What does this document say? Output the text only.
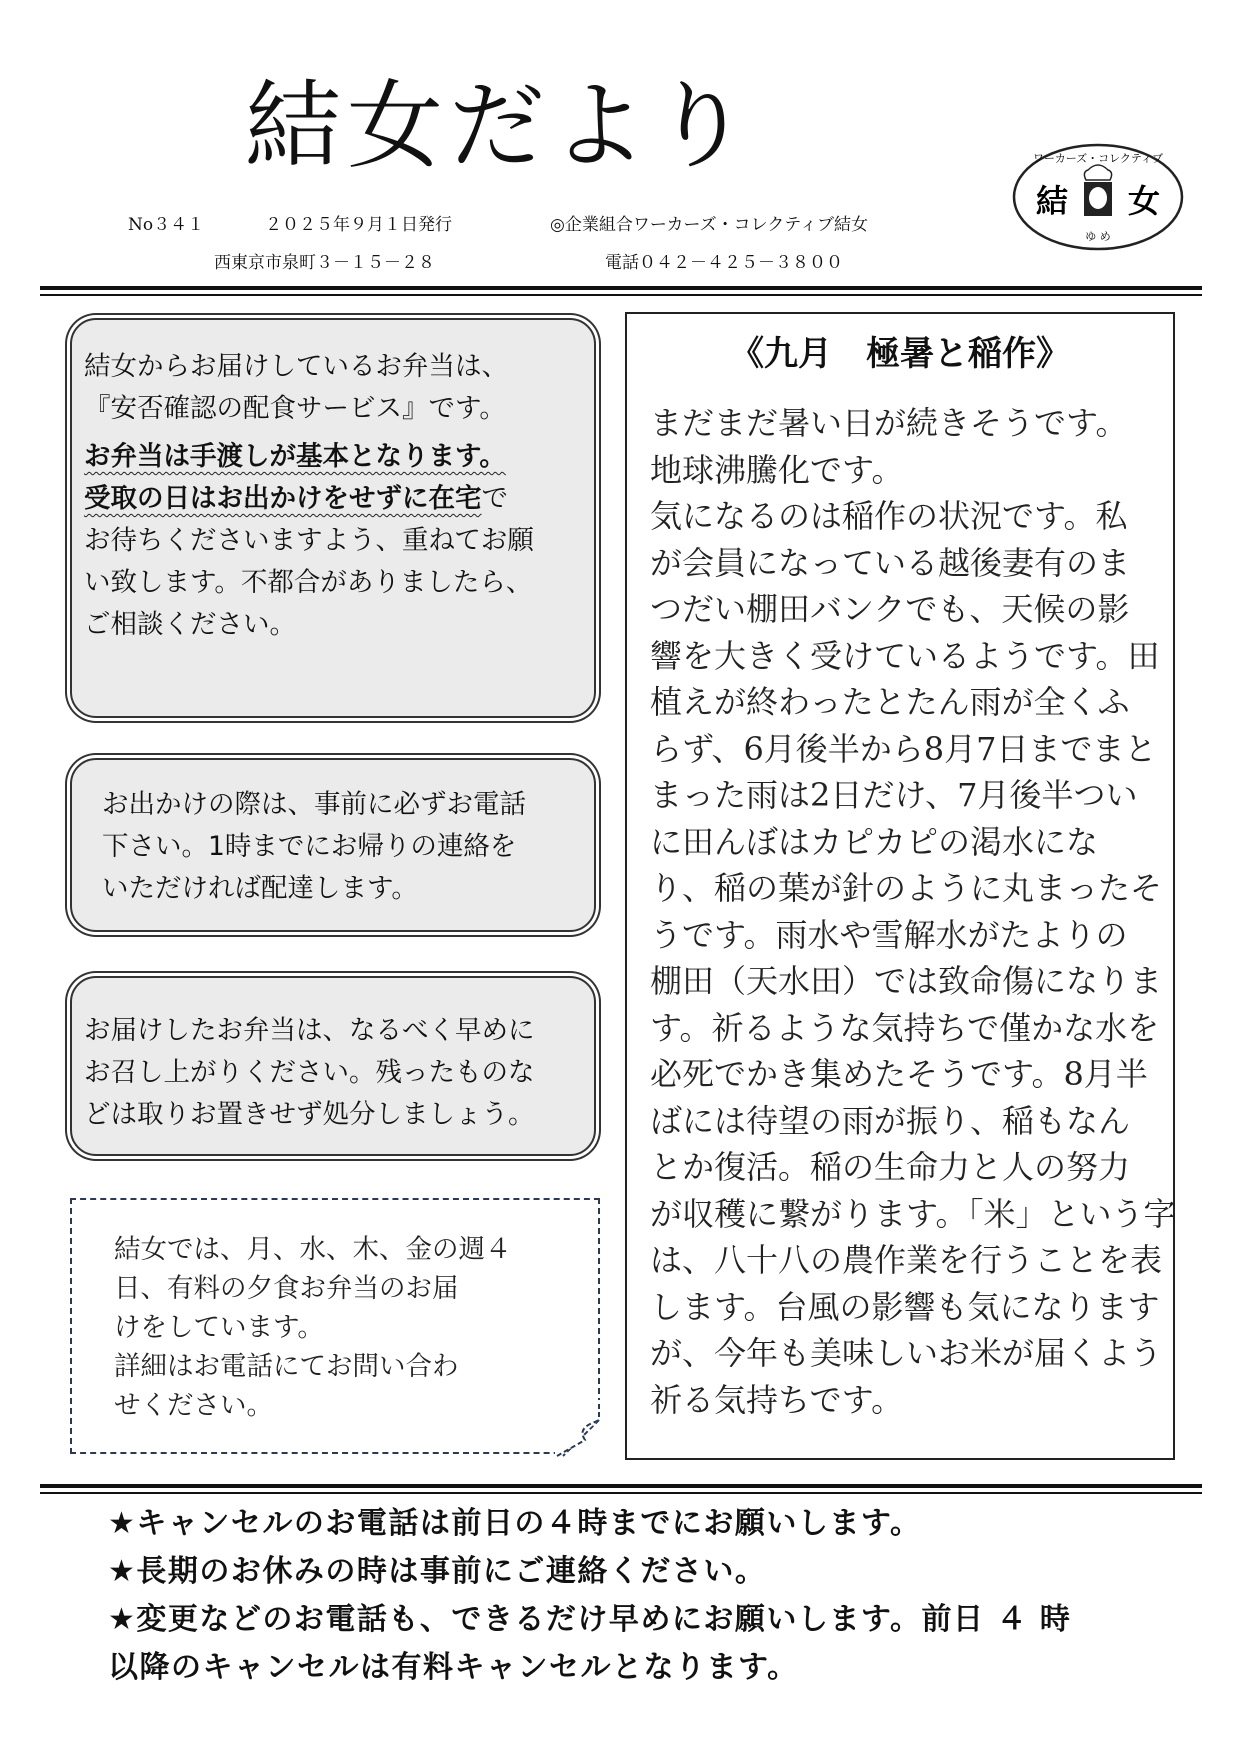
結女だより	ワーカーズ・コレクティブ
結 女
ゆ め
No３４１	２０２５年９月１日発行	◎企業組合ワーカーズ・コレクティブ結女
西東京市泉町３－１５－２８	電話０４２－４２５－３８００

結女からお届けしているお弁当は、

『安否確認の配食サービス』です。

お弁当は手渡しが基本となります。

受取の日はお出かけをせずに在宅で

お待ちくださいますよう、重ねてお願

い致します。不都合がありましたら、

ご相談ください。

お出かけの際は、事前に必ずお電話

下さい。1時までにお帰りの連絡を

いただければ配達します。

お届けしたお弁当は、なるべく早めに

お召し上がりください。残ったものな

どは取りお置きせず処分しましょう。

結女では、月、水、木、金の週４

日、有料の夕食お弁当のお届

けをしています。

詳細はお電話にてお問い合わ

せください。

《九月　極暑と稲作》
まだまだ暑い日が続きそうです。
地球沸騰化です。
気になるのは稲作の状況です。私
が会員になっている越後妻有のま
つだい棚田バンクでも、天候の影
響を大きく受けているようです。田
植えが終わったとたん雨が全くふ
らず、6月後半から8月7日までまと
まった雨は2日だけ、7月後半つい
に田んぼはカピカピの渇水にな
り、稲の葉が針のように丸まったそ
うです。雨水や雪解水がたよりの
棚田（天水田）では致命傷になりま
す。祈るような気持ちで僅かな水を
必死でかき集めたそうです。8月半
ばには待望の雨が振り、稲もなん
とか復活。稲の生命力と人の努力
が収穫に繋がります。「米」という字
は、八十八の農作業を行うことを表
します。台風の影響も気になります
が、今年も美味しいお米が届くよう
祈る気持ちです。
★キャンセルのお電話は前日の４時までにお願いします。
★長期のお休みの時は事前にご連絡ください。
★変更などのお電話も、できるだけ早めにお願いします。前日 ４ 時
以降のキャンセルは有料キャンセルとなります。
